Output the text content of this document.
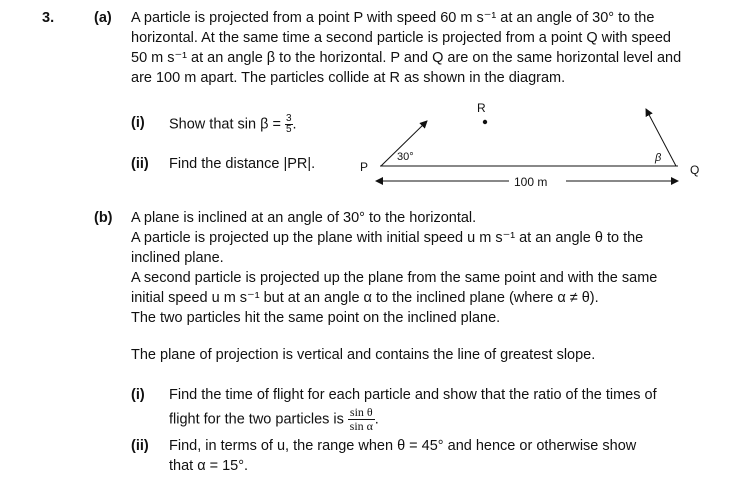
3.	(a) A particle is projected from a point P with speed 60 m s⁻¹ at an angle of 30° to the
horizontal. At the same time a second particle is projected from a point Q with speed
50 m s⁻¹ at an angle β to the horizontal. P and Q are on the same horizontal level and
are 100 m apart. The particles collide at R as shown in the diagram.
(i) Show that $\sin \beta = \frac{3}{5}$ .
(ii) Find the distance |PR|.	P	Q
R
30°	β
100 m
(b) A plane is inclined at an angle of 30° to the horizontal.
A particle is projected up the plane with initial speed u m s⁻¹ at an angle θ to the
inclined plane.
A second particle is projected up the plane from the same point and with the same
initial speed u m s⁻¹ but at an angle α to the inclined plane (where α ≠ θ).
The two particles hit the same point on the inclined plane.
The plane of projection is vertical and contains the line of greatest slope.
(i) Find the time of flight for each particle and show that the ratio of the times of
flight for the two particles is $\frac{\text{sin θ}}{\text{sin α}}$ .
(ii) Find, in terms of u, the range when θ = 45° and hence or otherwise show
that α = 15°.
